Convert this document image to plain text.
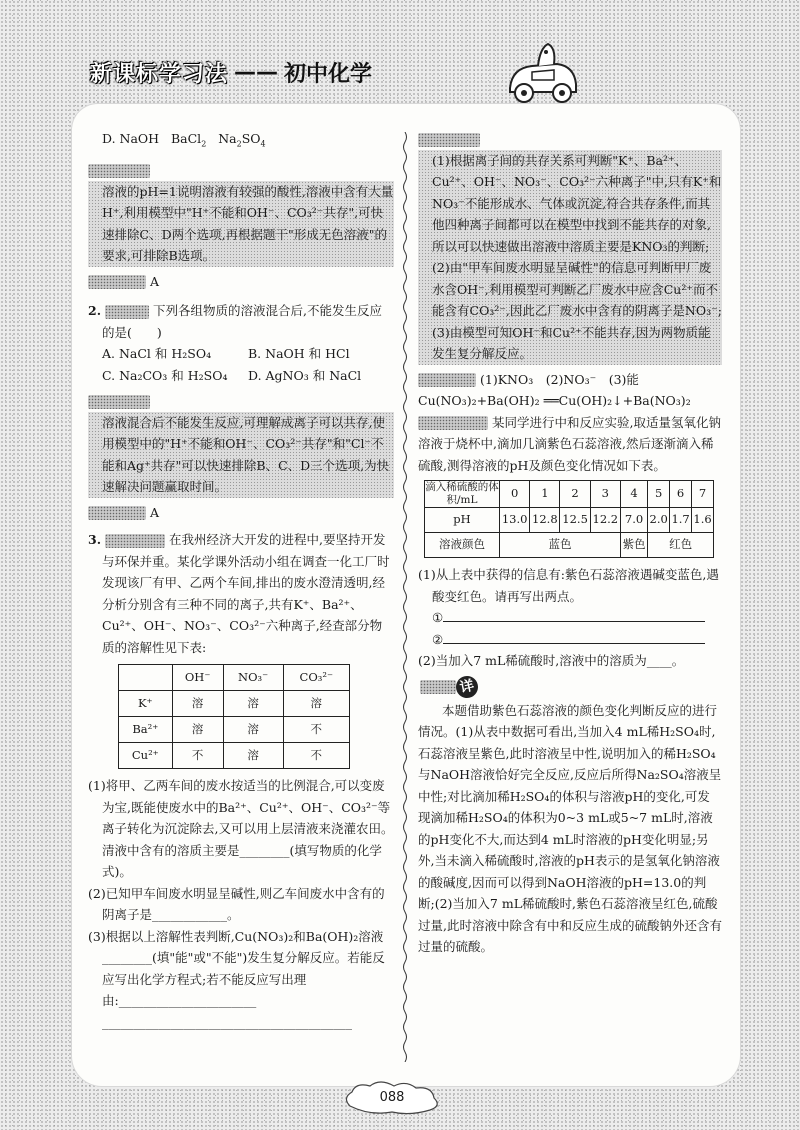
新课标学习法 —— 初中化学

D. NaOH BaCl$_2$ $Na_2SO_4$

溶液的pH=1说明溶液有较强的酸性,溶液中含有大量H⁺,利用模型中"H⁺不能和OH⁻、CO₃²⁻共存",可快速排除C、D两个选项,再根据题干"形成无色溶液"的要求,可排除B选项。

A

2.	下列各组物质的溶液混合后,不能发生反应的是(　　)

A. NaCl 和 H₂SO₄	B. NaOH 和 HCl
C. Na₂CO₃ 和 H₂SO₄	D. AgNO₃ 和 NaCl

溶液混合后不能发生反应,可理解成离子可以共存,使用模型中的"H⁺不能和OH⁻、CO₃²⁻共存"和"Cl⁻不能和Ag⁺共存"可以快速排除B、C、D三个选项,为快速解决问题赢取时间。

A

3.	在我州经济大开发的进程中,要坚持开发与环保并重。某化学课外活动小组在调查一化工厂时发现该厂有甲、乙两个车间,排出的废水澄清透明,经分析分别含有三种不同的离子,共有K⁺、Ba²⁺、Cu²⁺、OH⁻、NO₃⁻、CO₃²⁻六种离子,经查部分物质的溶解性见下表:

	OH⁻	NO₃⁻	CO₃²⁻
K⁺	溶	溶	溶
Ba²⁺	溶	溶	不
Cu²⁺	不	溶	不

(1)将甲、乙两车间的废水按适当的比例混合,可以变废为宝,既能使废水中的Ba²⁺、Cu²⁺、OH⁻、CO₃²⁻等离子转化为沉淀除去,又可以用上层清液来浇灌农田。清液中含有的溶质主要是________(填写物质的化学式)。

(2)已知甲车间废水明显呈碱性,则乙车间废水中含有的阴离子是____________。

(3)根据以上溶解性表判断,Cu(NO₃)₂和Ba(OH)₂溶液________(填"能"或"不能")发生复分解反应。若能反应写出化学方程式;若不能反应写出理由:______________________

________________________________________

(1)根据离子间的共存关系可判断"K⁺、Ba²⁺、Cu²⁺、OH⁻、NO₃⁻、CO₃²⁻六种离子"中,只有K⁺和NO₃⁻不能形成水、气体或沉淀,符合共存条件,而其他四种离子间都可以在模型中找到不能共存的对象,所以可以快速做出溶液中溶质主要是KNO₃的判断;(2)由"甲车间废水明显呈碱性"的信息可判断甲厂废水含OH⁻,利用模型可判断乙厂废水中应含Cu²⁺而不能含有CO₃²⁻,因此乙厂废水中含有的阴离子是NO₃⁻;(3)由模型可知OH⁻和Cu²⁺不能共存,因为两物质能发生复分解反应。

(1)KNO₃　(2)NO₃⁻　(3)能

Cu(NO₃)₂+Ba(OH)₂ ══Cu(OH)₂↓+Ba(NO₃)₂

某同学进行中和反应实验,取适量氢氧化钠溶液于烧杯中,滴加几滴紫色石蕊溶液,然后逐渐滴入稀硫酸,测得溶液的pH及颜色变化情况如下表。

滴入稀硫酸的体积/mL	0	1	2	3	4	5	6	7
pH	13.0	12.8	12.5	12.2	7.0	2.0	1.7	1.6
溶液颜色	蓝色				紫色	红色		

(1)从上表中获得的信息有:紫色石蕊溶液遇碱变蓝色,遇酸变红色。请再写出两点。

①

②

(2)当加入7 mL稀硫酸时,溶液中的溶质为____。

详

本题借助紫色石蕊溶液的颜色变化判断反应的进行情况。(1)从表中数据可看出,当加入4 mL稀H₂SO₄时,石蕊溶液呈紫色,此时溶液呈中性,说明加入的稀H₂SO₄与NaOH溶液恰好完全反应,反应后所得Na₂SO₄溶液呈中性;对比滴加稀H₂SO₄的体积与溶液pH的变化,可发现滴加稀H₂SO₄的体积为0~3 mL或5~7 mL时,溶液的pH变化不大,而达到4 mL时溶液的pH变化明显;另外,当未滴入稀硫酸时,溶液的pH表示的是氢氧化钠溶液的酸碱度,因而可以得到NaOH溶液的pH=13.0的判断;(2)当加入7 mL稀硫酸时,紫色石蕊溶液呈红色,硫酸过量,此时溶液中除含有中和反应生成的硫酸钠外还含有过量的硫酸。

088
